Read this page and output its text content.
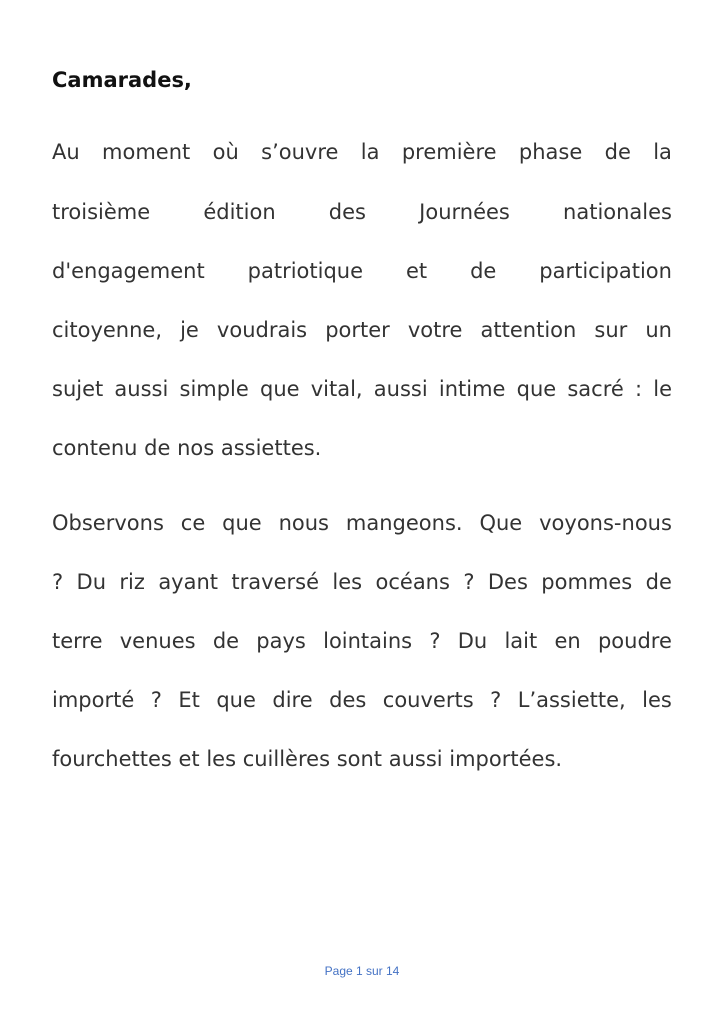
Camarades,

Au moment où s’ouvre la première phase de la

troisième	édition	des	Journées	nationales

d'engagement patriotique et de participation

citoyenne, je voudrais porter votre attention sur un

sujet aussi simple que vital, aussi intime que sacré : le

contenu de nos assiettes.

Observons ce que nous mangeons. Que voyons-nous

? Du riz ayant traversé les océans ? Des pommes de

terre venues de pays lointains ? Du lait en poudre

importé ? Et que dire des couverts ? L’assiette, les

fourchettes et les cuillères sont aussi importées.

Page 1 sur 14
